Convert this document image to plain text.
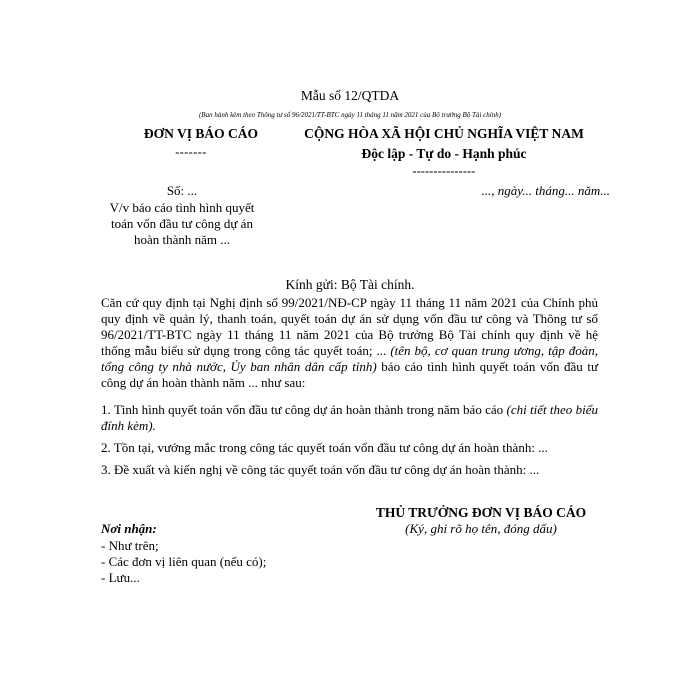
Mẫu số 12/QTDA
(Ban hành kèm theo Thông tư số 96/2021/TT-BTC ngày 11 tháng 11 năm 2021 của Bộ trưởng Bộ Tài chính)
ĐƠN VỊ BÁO CÁO
-------
CỘNG HÒA XÃ HỘI CHỦ NGHĨA VIỆT NAM
Độc lập - Tự do - Hạnh phúc
---------------
Số: ...
V/v báo cáo tình hình quyết toán vốn đầu tư công dự án hoàn thành năm ...
..., ngày... tháng... năm...
Kính gửi: Bộ Tài chính.
Căn cứ quy định tại Nghị định số 99/2021/NĐ-CP ngày 11 tháng 11 năm 2021 của Chính phủ quy định về quản lý, thanh toán, quyết toán dự án sử dụng vốn đầu tư công và Thông tư số 96/2021/TT-BTC ngày 11 tháng 11 năm 2021 của Bộ trưởng Bộ Tài chính quy định về hệ thống mẫu biểu sử dụng trong công tác quyết toán; ... (tên bộ, cơ quan trung ương, tập đoàn, tổng công ty nhà nước, Ủy ban nhân dân cấp tỉnh) báo cáo tình hình quyết toán vốn đầu tư công dự án hoàn thành năm ... như sau:
1. Tình hình quyết toán vốn đầu tư công dự án hoàn thành trong năm báo cáo (chi tiết theo biểu đính kèm).
2. Tồn tại, vướng mắc trong công tác quyết toán vốn đầu tư công dự án hoàn thành: ...
3. Đề xuất và kiến nghị về công tác quyết toán vốn đầu tư công dự án hoàn thành: ...
THỦ TRƯỞNG ĐƠN VỊ BÁO CÁO
(Ký, ghi rõ họ tên, đóng dấu)
Nơi nhận:
- Như trên;
- Các đơn vị liên quan (nếu có);
- Lưu...
